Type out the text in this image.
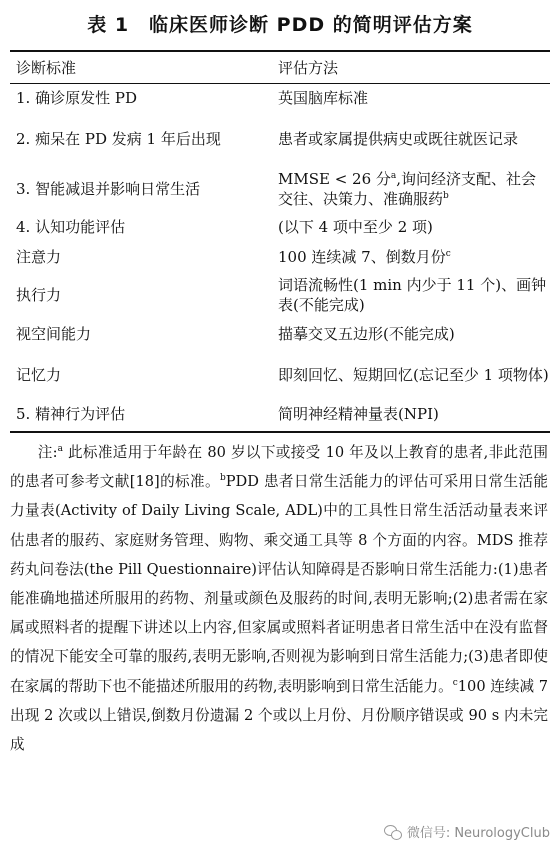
表 1　临床医师诊断 PDD 的简明评估方案
诊断标准	评估方法
1. 确诊原发性 PD	英国脑库标准
2. 痴呆在 PD 发病 1 年后出现	患者或家属提供病史或既往就医记录
3. 智能减退并影响日常生活	MMSE < 26 分$^a$,询问经济支配、社会交往、决策力、准确服药$^b$
4. 认知功能评估	(以下 4 项中至少 2 项)
注意力	100 连续减 7、倒数月份$^c$
执行力	词语流畅性(1 min 内少于 11 个)、画钟表(不能完成)
视空间能力	描摹交叉五边形(不能完成)
记忆力	即刻回忆、短期回忆(忘记至少 1 项物体)
5. 精神行为评估	简明神经精神量表(NPI)

注:$^a$ 此标准适用于年龄在 80 岁以下或接受 10 年及以上教育的患者,非此范围的患者可参考文献[18]的标准。$^b$PDD 患者日常生活能力的评估可采用日常生活能力量表(Activity of Daily Living Scale, ADL)中的工具性日常生活活动量表来评估患者的服药、家庭财务管理、购物、乘交通工具等 8 个方面的内容。MDS 推荐药丸问卷法(the Pill Questionnaire)评估认知障碍是否影响日常生活能力:(1)患者能准确地描述所服用的药物、剂量或颜色及服药的时间,表明无影响;(2)患者需在家属或照料者的提醒下讲述以上内容,但家属或照料者证明患者日常生活中在没有监督的情况下能安全可靠的服药,表明无影响,否则视为影响到日常生活能力;(3)患者即使在家属的帮助下也不能描述所服用的药物,表明影响到日常生活能力。$^c$100 连续减 7 出现 2 次或以上错误,倒数月份遗漏 2 个或以上月份、月份顺序错误或 90 s 内未完成

微信号: NeurologyClub
